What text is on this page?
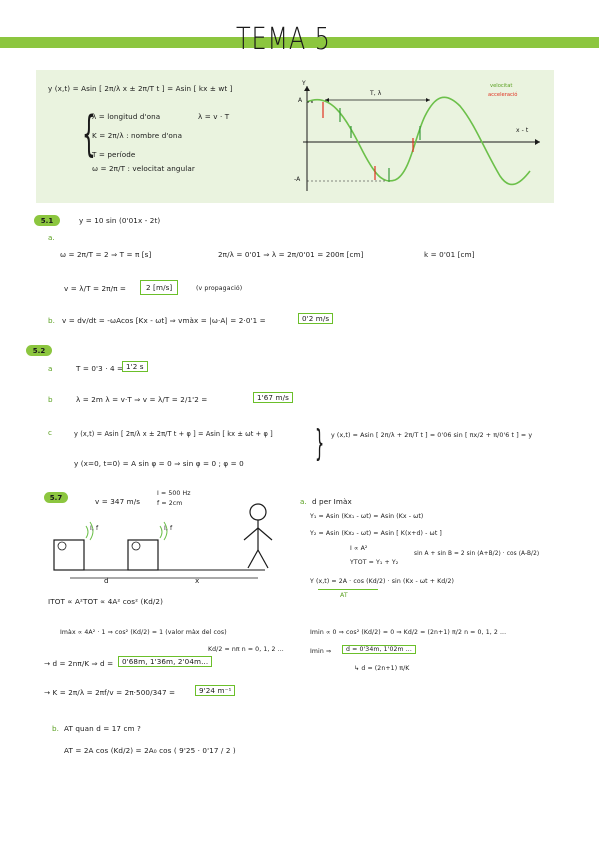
TEMA 5
y (x,t) = Asin [ 2π/λ x ± 2π/T t ] = Asin [ kx ± wt ]
{
λ = longitud d'ona	λ = v · T
K = 2π/λ : nombre d'ona
T = període
ω = 2π/T : velocitat angular
Y
A
-A
T, λ
x - t
velocitat
acceleració
5.1	y = 10 sin (0'01x - 2t)
a.
ω = 2π/T = 2 ⇒ T = π [s]	2π/λ = 0'01 ⇒ λ = 2π/0'01 = 200π [cm]	k = 0'01 [cm]
v = λ/T = 2π/π =	2 [m/s]	(v propagació)
b. v = dv/dt = -ωAcos [Kx - ωt] ⇒ vmàx = |ω·A| = 2·0'1 =	0'2 m/s
5.2
a	T = 0'3 · 4 = 1'2 s
b	λ = 2m λ = v·T ⇒ v = λ/T = 2/1'2 =	1'67 m/s
c	y (x,t) = Asin [ 2π/λ x ± 2π/T t + φ ] = Asin [ kx ± ωt + φ ] } y (x,t) = Asin [ 2π/λ + 2π/T t ] = 0'06 sin [ πx/2 + π/0'6 t ] = y
y (x=0, t=0) = A sin φ = 0 ⇒ sin φ = 0 ; φ = 0
5.7	v = 347 m/s
I = 500 Hz
f = 2cm
I, f	I, f
d	x
ITOT ∝ A²TOT ∝ 4A² cos² (Kd/2)
Imàx ∝ 4A² · 1 ⇒ cos² (Kd/2) = 1 (valor màx del cos)
Kd/2 = nπ n = 0, 1, 2 ...
→ d = 2nπ/K ⇒ d =	0'68m, 1'36m, 2'04m...
→ K = 2π/λ = 2πf/v = 2π·500/347 =	9'24 m⁻¹
b. AT quan d = 17 cm ?
AT = 2A cos (Kd/2) = 2A₀ cos ( 9'25 · 0'17 / 2 )
a. d per Imàx
Y₁ = Asin (Kx₁ - ωt) = Asin (Kx - ωt)
Y₂ = Asin (Kx₂ - ωt) = Asin [ K(x+d) - ωt ]
I ∝ A²
YTOT = Y₁ + Y₂
sin A + sin B = 2 sin (A+B/2) · cos (A-B/2)
Y (x,t) = 2A · cos (Kd/2) · sin (Kx - ωt + Kd/2)
AT
Imin ∝ 0 ⇒ cos² (Kd/2) = 0 ⇒ Kd/2 = (2n+1) π/2 n = 0, 1, 2 ...
Imin ⇒	d = 0'34m, 1'02m ...
↳ d = (2n+1) π/K
